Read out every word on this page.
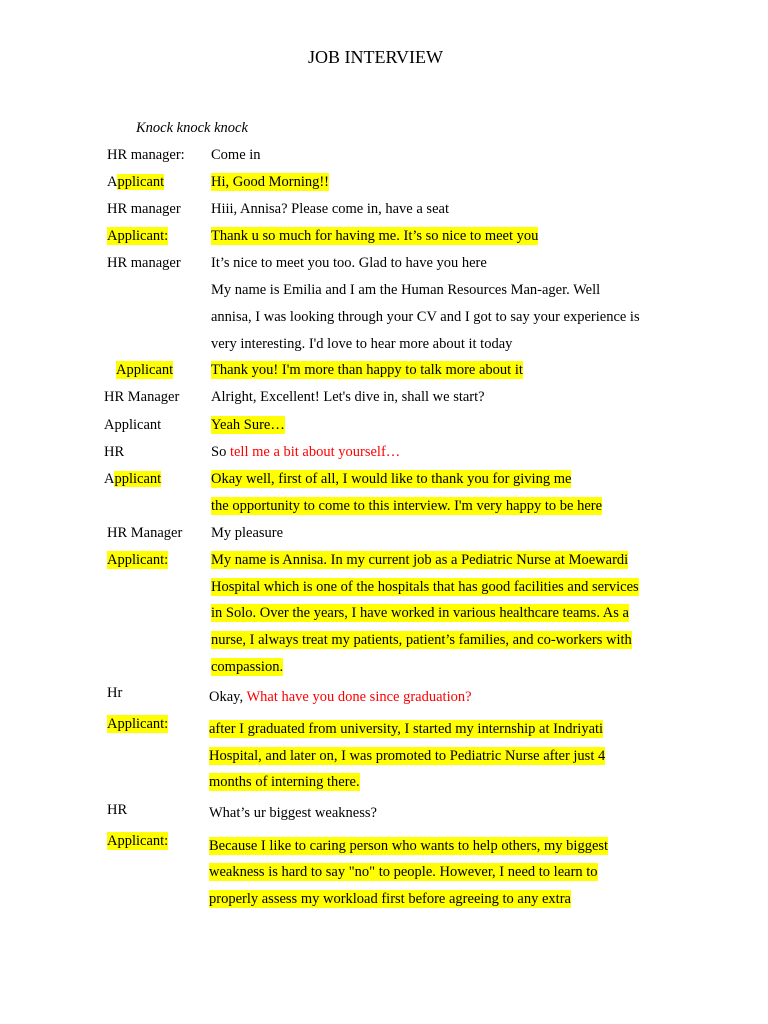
JOB INTERVIEW
Knock knock knock
HR manager:
Applicant
HR manager
Applicant:
HR manager
Applicant
HR Manager
Applicant
HR
Applicant
HR Manager
Applicant:
Hr
Applicant:
HR
Applicant:
Come in
Hi, Good Morning!!
Hiii, Annisa? Please come in, have a seat
Thank u so much for having me. It’s so nice to meet you
It’s nice to meet you too. Glad to have you here
My name is Emilia and I am the Human Resources Man-ager. Well
annisa, I was looking through your CV and I got to say your experience is
very interesting. I'd love to hear more about it today
Thank you! I'm more than happy to talk more about it
Alright, Excellent! Let's dive in, shall we start?
Yeah Sure…
So tell me a bit about yourself…
Okay well, first of all, I would like to thank you for giving me
the opportunity to come to this interview. I'm very happy to be here
My pleasure
My name is Annisa. In my current job as a Pediatric Nurse at Moewardi
Hospital which is one of the hospitals that has good facilities and services
in Solo. Over the years, I have worked in various healthcare teams. As a
nurse, I always treat my patients, patient’s families, and co-workers with
compassion.
Okay, What have you done since graduation?
after I graduated from university, I started my internship at Indriyati
Hospital, and later on, I was promoted to Pediatric Nurse after just 4
months of interning there.
What’s ur biggest weakness?
Because I like to caring person who wants to help others, my biggest
weakness is hard to say "no" to people. However, I need to learn to
properly assess my workload first before agreeing to any extra
